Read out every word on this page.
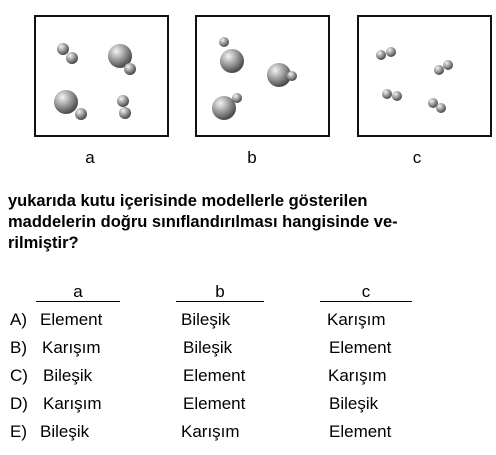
a	b	c
yukarıda kutu içerisinde modellerle gösterilen
maddelerin doğru sınıflandırılması hangisinde ve-
rilmiştir?
a	b	c
A) Element	Bileşik	Karışım
B) Karışım	Bileşik	Element
C) Bileşik	Element	Karışım
D) Karışım	Element	Bileşik
E) Bileşik	Karışım	Element
